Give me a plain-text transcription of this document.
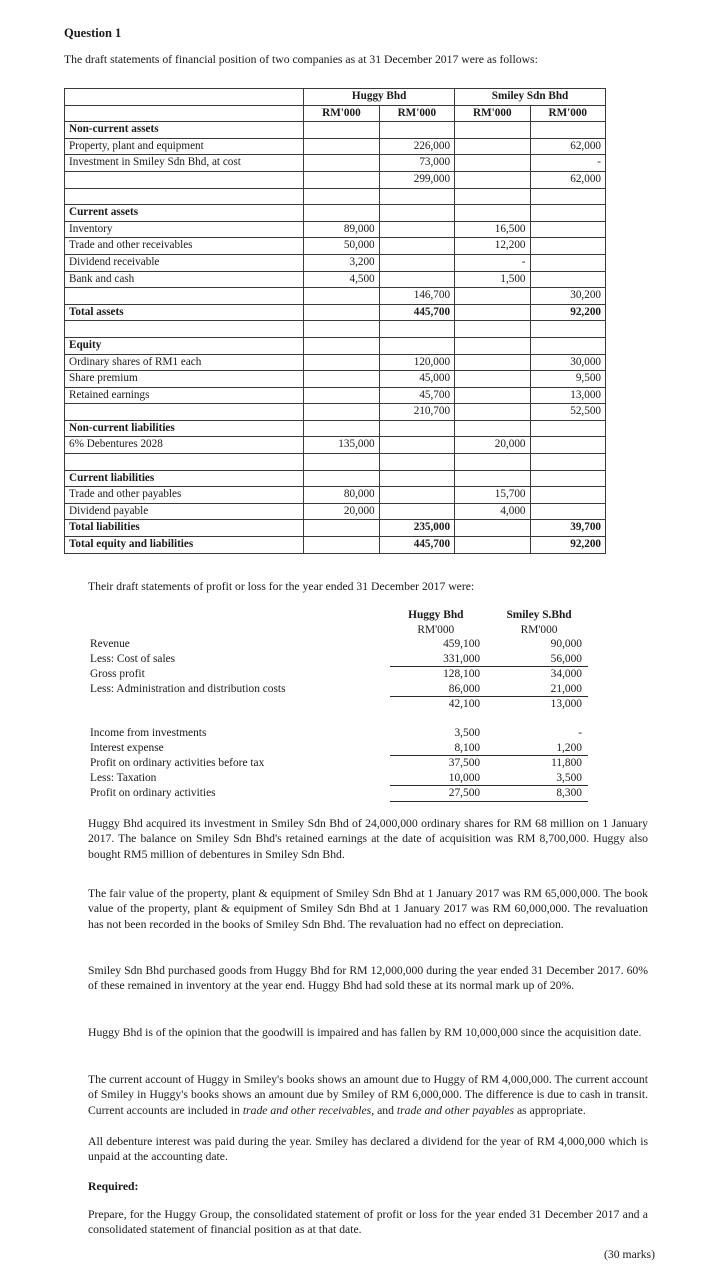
Question 1
The draft statements of financial position of two companies as at 31 December 2017 were as follows:
	Huggy Bhd		Smiley Sdn Bhd	
	RM'000	RM'000	RM'000	RM'000
Non-current assets				
Property, plant and equipment		226,000		62,000
Investment in Smiley Sdn Bhd, at cost		73,000		-
		299,000		62,000

Current assets				
Inventory	89,000		16,500	
Trade and other receivables	50,000		12,200	
Dividend receivable	3,200		-	
Bank and cash	4,500		1,500	
		146,700		30,200
Total assets		445,700		92,200

Equity				
Ordinary shares of RM1 each		120,000		30,000
Share premium		45,000		9,500
Retained earnings		45,700		13,000
		210,700		52,500
Non-current liabilities				
6% Debentures 2028	135,000		20,000	

Current liabilities				
Trade and other payables	80,000		15,700	
Dividend payable	20,000		4,000	
Total liabilities		235,000		39,700
Total equity and liabilities		445,700		92,200
Their draft statements of profit or loss for the year ended 31 December 2017 were:
	Huggy Bhd	Smiley S.Bhd
	RM'000	RM'000
Revenue	459,100	90,000
Less: Cost of sales	331,000	56,000
Gross profit	128,100	34,000
Less: Administration and distribution costs	86,000	21,000
	42,100	13,000

Income from investments	3,500	-
Interest expense	8,100	1,200
Profit on ordinary activities before tax	37,500	11,800
Less: Taxation	10,000	3,500
Profit on ordinary activities	27,500	8,300
Huggy Bhd acquired its investment in Smiley Sdn Bhd of 24,000,000 ordinary shares for RM 68 million on 1 January 2017. The balance on Smiley Sdn Bhd's retained earnings at the date of acquisition was RM 8,700,000. Huggy also bought RM5 million of debentures in Smiley Sdn Bhd.
The fair value of the property, plant & equipment of Smiley Sdn Bhd at 1 January 2017 was RM 65,000,000. The book value of the property, plant & equipment of Smiley Sdn Bhd at 1 January 2017 was RM 60,000,000. The revaluation has not been recorded in the books of Smiley Sdn Bhd. The revaluation had no effect on depreciation.
Smiley Sdn Bhd purchased goods from Huggy Bhd for RM 12,000,000 during the year ended 31 December 2017. 60% of these remained in inventory at the year end. Huggy Bhd had sold these at its normal mark up of 20%.
Huggy Bhd is of the opinion that the goodwill is impaired and has fallen by RM 10,000,000 since the acquisition date.
The current account of Huggy in Smiley's books shows an amount due to Huggy of RM 4,000,000. The current account of Smiley in Huggy's books shows an amount due by Smiley of RM 6,000,000. The difference is due to cash in transit. Current accounts are included in trade and other receivables, and trade and other payables as appropriate.
All debenture interest was paid during the year. Smiley has declared a dividend for the year of RM 4,000,000 which is unpaid at the accounting date.
Required:
Prepare, for the Huggy Group, the consolidated statement of profit or loss for the year ended 31 December 2017 and a consolidated statement of financial position as at that date.
(30 marks)
